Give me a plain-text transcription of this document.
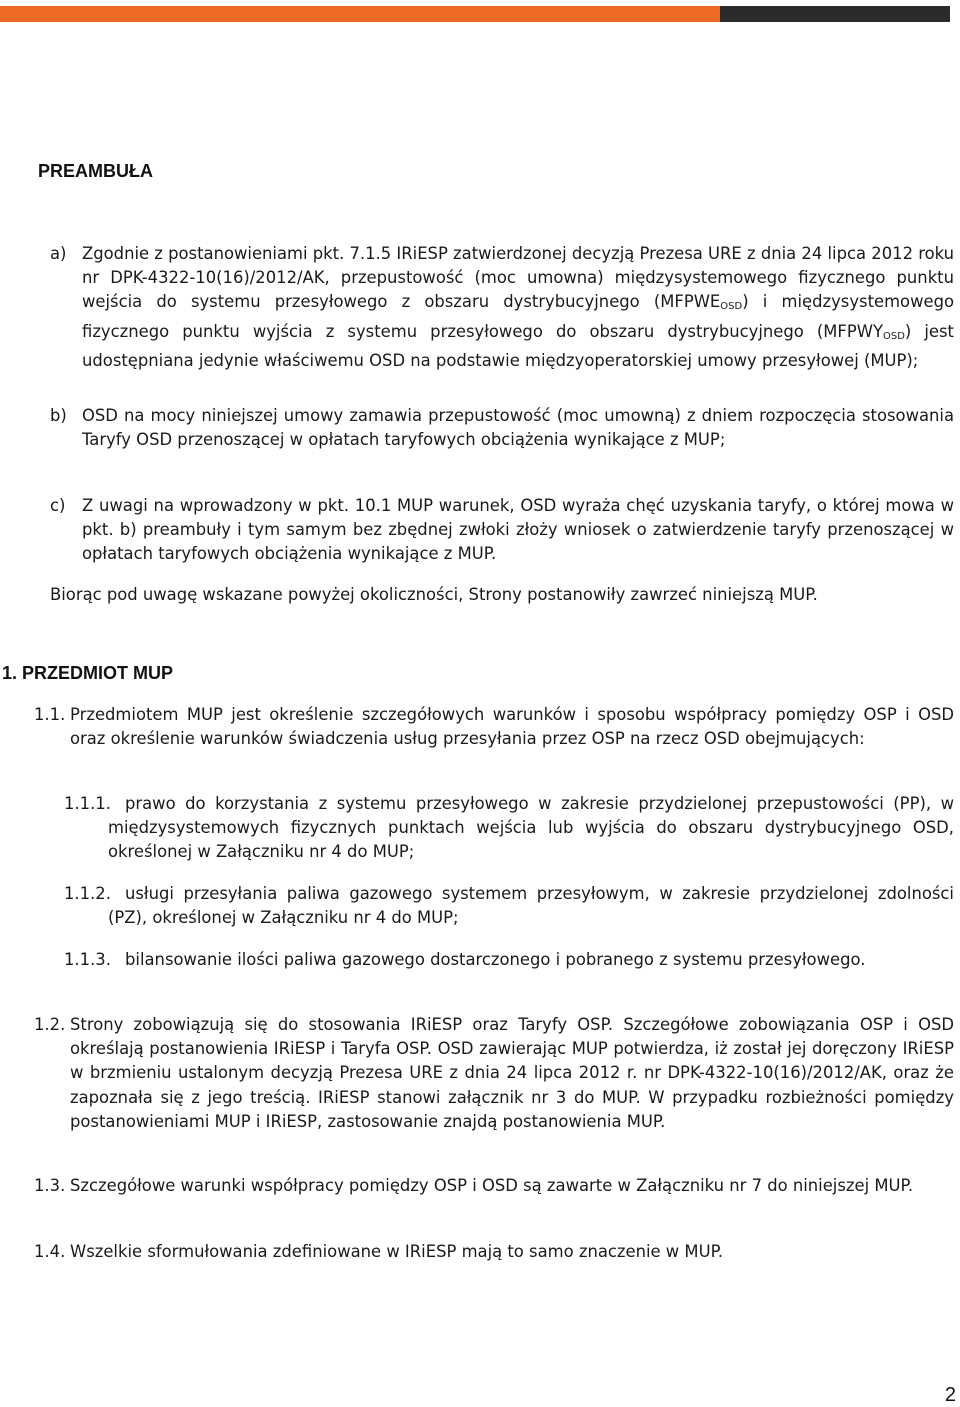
PREAMBUŁA
a) Zgodnie z postanowieniami pkt. 7.1.5 IRiESP zatwierdzonej decyzją Prezesa URE z dnia 24 lipca 2012 roku nr DPK-4322-10(16)/2012/AK, przepustowość (moc umowna) międzysystemowego fizycznego punktu wejścia do systemu przesyłowego z obszaru dystrybucyjnego $(MFPWE_{OSD})$ i międzysystemowego fizycznego punktu wyjścia z systemu przesyłowego do obszaru dystrybucyjnego $(MFPWY_{OSD})$ jest udostępniana jedynie właściwemu OSD na podstawie międzyoperatorskiej umowy przesyłowej (MUP);
b) OSD na mocy niniejszej umowy zamawia przepustowość (moc umowną) z dniem rozpoczęcia stosowania Taryfy OSD przenoszącej w opłatach taryfowych obciążenia wynikające z MUP;
c) Z uwagi na wprowadzony w pkt. 10.1 MUP warunek, OSD wyraża chęć uzyskania taryfy, o której mowa w pkt. b) preambuły i tym samym bez zbędnej zwłoki złoży wniosek o zatwierdzenie taryfy przenoszącej w opłatach taryfowych obciążenia wynikające z MUP.

Biorąc pod uwagę wskazane powyżej okoliczności, Strony postanowiły zawrzeć niniejszą MUP.

1. PRZEDMIOT MUP
1.1. Przedmiotem MUP jest określenie szczegółowych warunków i sposobu współpracy pomiędzy OSP i OSD oraz określenie warunków świadczenia usług przesyłania przez OSP na rzecz OSD obejmujących:
1.1.1. prawo do korzystania z systemu przesyłowego w zakresie przydzielonej przepustowości (PP), w międzysystemowych fizycznych punktach wejścia lub wyjścia do obszaru dystrybucyjnego OSD, określonej w Załączniku nr 4 do MUP;
1.1.2. usługi przesyłania paliwa gazowego systemem przesyłowym, w zakresie przydzielonej zdolności (PZ), określonej w Załączniku nr 4 do MUP;
1.1.3. bilansowanie ilości paliwa gazowego dostarczonego i pobranego z systemu przesyłowego.
1.2. Strony zobowiązują się do stosowania IRiESP oraz Taryfy OSP. Szczegółowe zobowiązania OSP i OSD określają postanowienia IRiESP i Taryfa OSP. OSD zawierając MUP potwierdza, iż został jej doręczony IRiESP w brzmieniu ustalonym decyzją Prezesa URE z dnia 24 lipca 2012 r. nr DPK-4322-10(16)/2012/AK, oraz że zapoznała się z jego treścią. IRiESP stanowi załącznik nr 3 do MUP. W przypadku rozbieżności pomiędzy postanowieniami MUP i IRiESP, zastosowanie znajdą postanowienia MUP.
1.3. Szczegółowe warunki współpracy pomiędzy OSP i OSD są zawarte w Załączniku nr 7 do niniejszej MUP.
1.4. Wszelkie sformułowania zdefiniowane w IRiESP mają to samo znaczenie w MUP.
2
